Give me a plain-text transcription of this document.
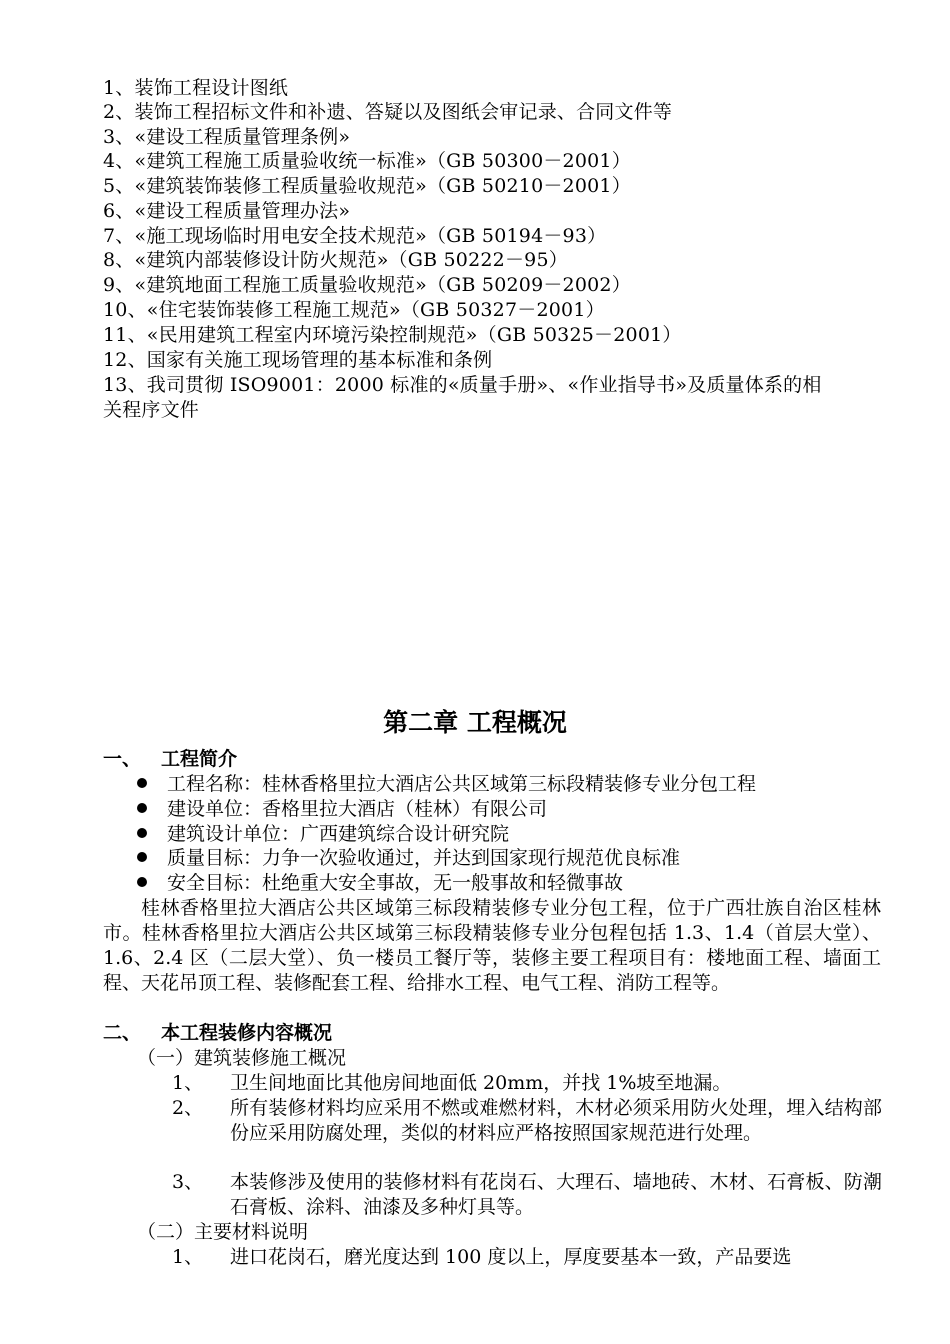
1、装饰工程设计图纸
2、装饰工程招标文件和补遗、答疑以及图纸会审记录、合同文件等
3、«建设工程质量管理条例»
4、«建筑工程施工质量验收统一标准»（GB 50300－2001）
5、«建筑装饰装修工程质量验收规范»（GB 50210－2001）
6、«建设工程质量管理办法»
7、«施工现场临时用电安全技术规范»（GB 50194－93）
8、«建筑内部装修设计防火规范»（GB 50222－95）
9、«建筑地面工程施工质量验收规范»（GB 50209－2002）
10、«住宅装饰装修工程施工规范»（GB 50327－2001）
11、«民用建筑工程室内环境污染控制规范»（GB 50325－2001）
12、国家有关施工现场管理的基本标准和条例
13、我司贯彻 ISO9001：2000 标准的«质量手册»、«作业指导书»及质量体系的相
关程序文件
第二章 工程概况
一、 工程简介
工程名称：桂林香格里拉大酒店公共区域第三标段精装修专业分包工程
建设单位：香格里拉大酒店（桂林）有限公司
建筑设计单位：广西建筑综合设计研究院
质量目标：力争一次验收通过，并达到国家现行规范优良标准
安全目标：杜绝重大安全事故，无一般事故和轻微事故
桂林香格里拉大酒店公共区域第三标段精装修专业分包工程，位于广西壮族自治区桂林市。桂林香格里拉大酒店公共区域第三标段精装修专业分包程包括 1.3、1.4（首层大堂）、1.6、2.4 区（二层大堂）、负一楼员工餐厅等，装修主要工程项目有：楼地面工程、墙面工程、天花吊顶工程、装修配套工程、给排水工程、电气工程、消防工程等。
二、 本工程装修内容概况
（一）建筑装修施工概况
1、 卫生间地面比其他房间地面低 20mm，并找 1%坡至地漏。
2、 所有装修材料均应采用不燃或难燃材料，木材必须采用防火处理，埋入结构部份应采用防腐处理，类似的材料应严格按照国家规范进行处理。
3、 本装修涉及使用的装修材料有花岗石、大理石、墙地砖、木材、石膏板、防潮石膏板、涂料、油漆及多种灯具等。
（二）主要材料说明
1、 进口花岗石，磨光度达到 100 度以上，厚度要基本一致，产品要选
